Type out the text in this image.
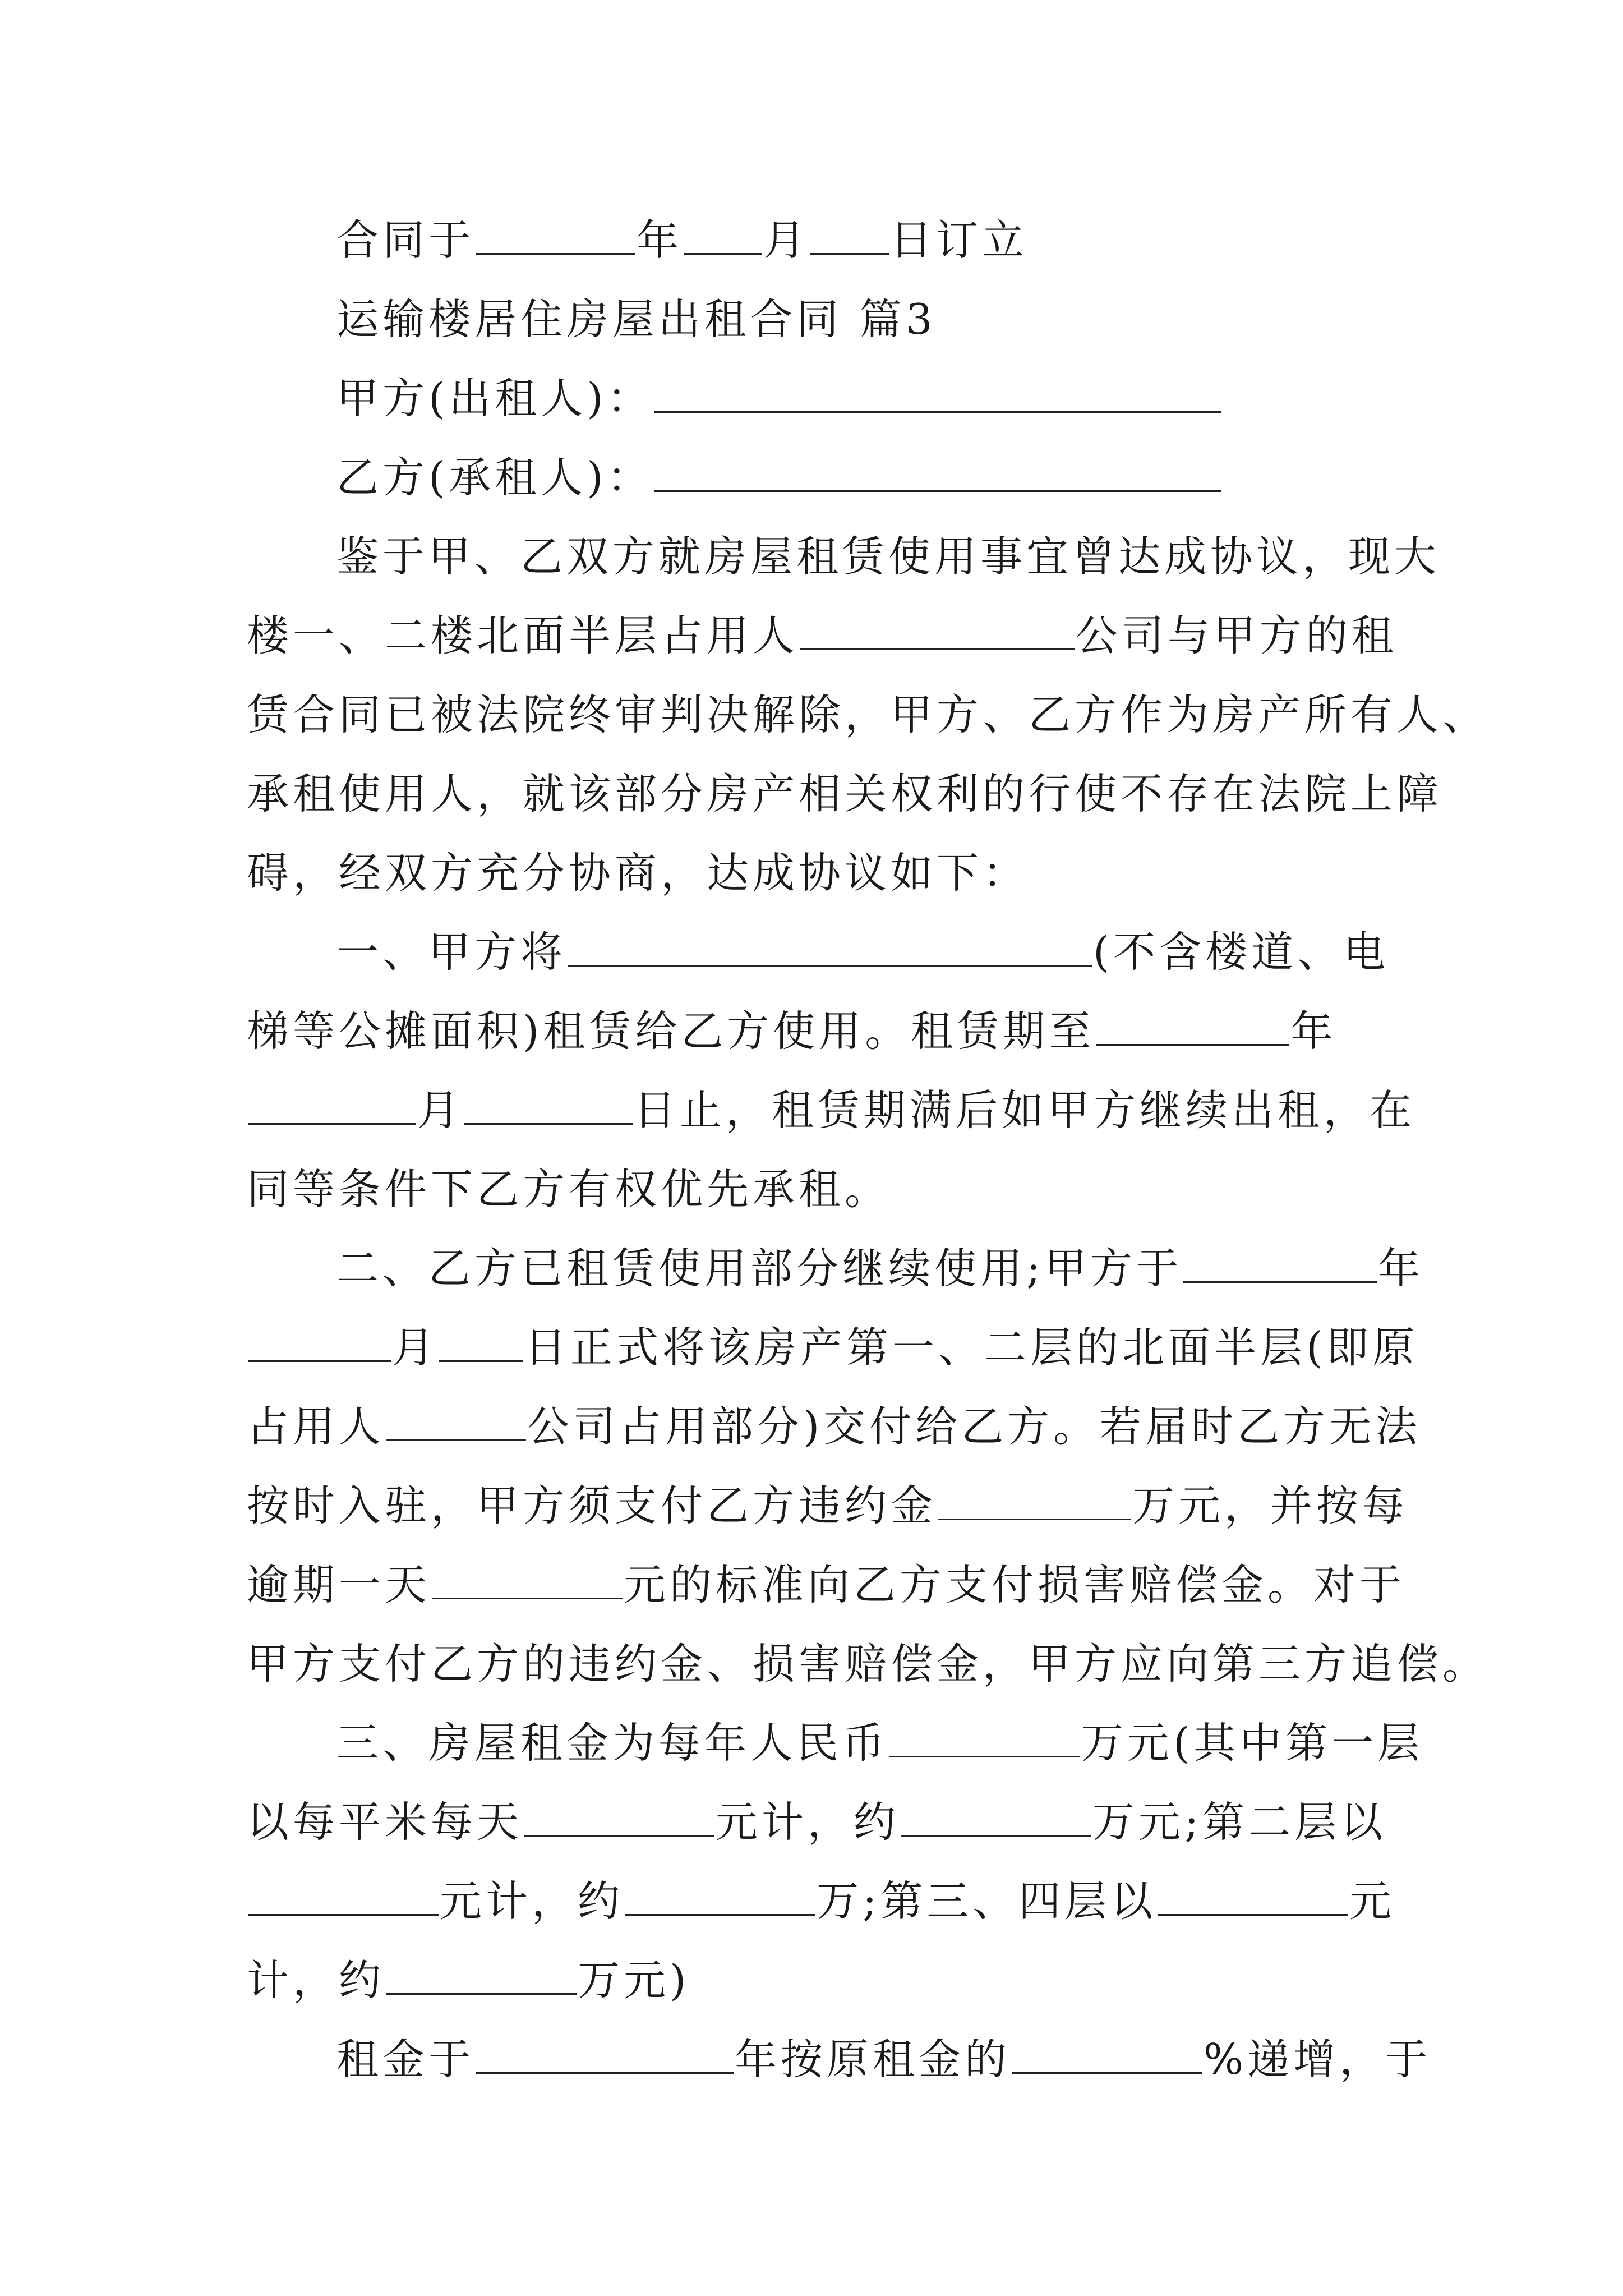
合同于	年 月 日订立
运输楼居住房屋出租合同 篇3
甲方(出租人)：
乙方(承租人)：
鉴于甲、乙双方就房屋租赁使用事宜曾达成协议，现大
楼一、二楼北面半层占用人	公司与甲方的租
赁合同已被法院终审判决解除，甲方、乙方作为房产所有人、
承租使用人，就该部分房产相关权利的行使不存在法院上障
碍，经双方充分协商，达成协议如下：
一、甲方将	(不含楼道、电
梯等公摊面积)租赁给乙方使用。租赁期至	年
月	日止，租赁期满后如甲方继续出租，在
同等条件下乙方有权优先承租。
二、乙方已租赁使用部分继续使用;甲方于	年
月 日正式将该房产第一、二层的北面半层(即原
占用人	公司占用部分)交付给乙方。若届时乙方无法
按时入驻，甲方须支付乙方违约金	万元，并按每
逾期一天	元的标准向乙方支付损害赔偿金。对于
甲方支付乙方的违约金、损害赔偿金，甲方应向第三方追偿。
三、房屋租金为每年人民币	万元(其中第一层
以每平米每天	元计，约	万元;第二层以
元计，约	万;第三、四层以	元
计，约	万元)
租金于	年按原租金的	%递增，于
